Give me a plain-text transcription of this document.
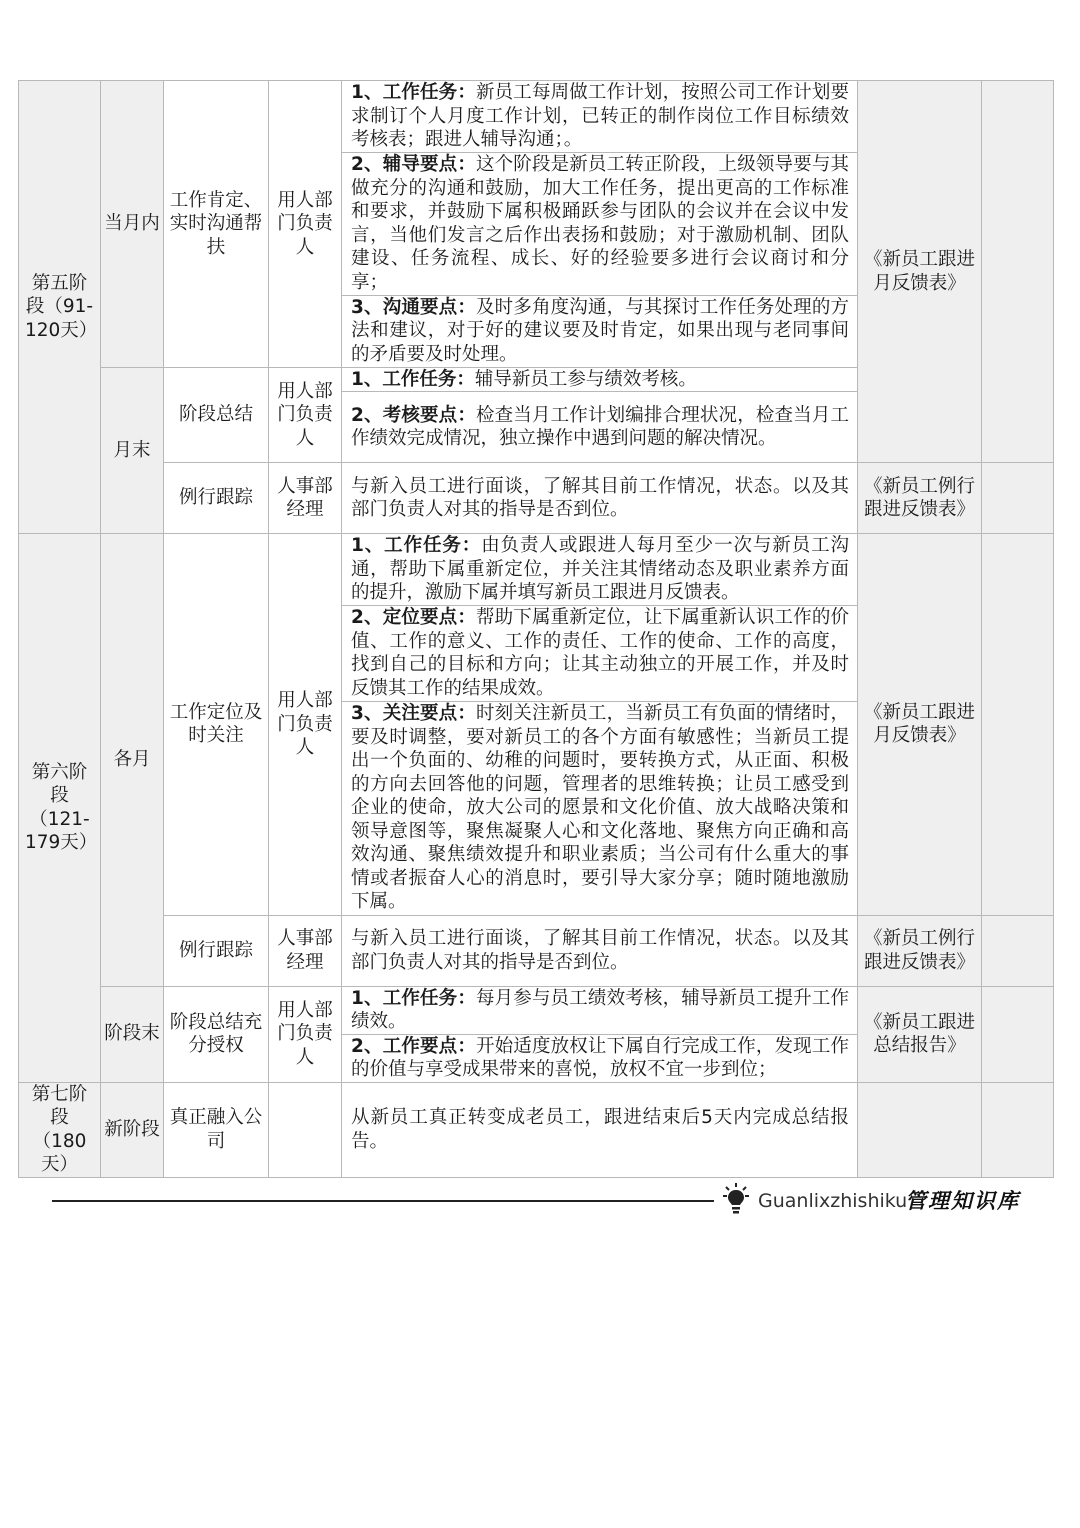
第五阶段（91-120天）	当月内	工作肯定、实时沟通帮扶	用人部门负责人	1、工作任务：新员工每周做工作计划，按照公司工作计划要求制订个人月度工作计划，已转正的制作岗位工作目标绩效考核表；跟进人辅导沟通；。	《新员工跟进月反馈表》	
				2、辅导要点：这个阶段是新员工转正阶段，上级领导要与其做充分的沟通和鼓励，加大工作任务，提出更高的工作标准和要求，并鼓励下属积极踊跃参与团队的会议并在会议中发言，当他们发言之后作出表扬和鼓励；对于激励机制、团队建设、任务流程、成长、好的经验要多进行会议商讨和分享；		
				3、沟通要点：及时多角度沟通，与其探讨工作任务处理的方法和建议，对于好的建议要及时肯定，如果出现与老同事间的矛盾要及时处理。		
	月末	阶段总结	用人部门负责人	1、工作任务：辅导新员工参与绩效考核。		
				2、考核要点：检查当月工作计划编排合理状况，检查当月工作绩效完成情况，独立操作中遇到问题的解决情况。		
		例行跟踪	人事部经理	与新入员工进行面谈，了解其目前工作情况，状态。以及其部门负责人对其的指导是否到位。	《新员工例行跟进反馈表》	
第六阶段（121-179天）	各月	工作定位及时关注	用人部门负责人	1、工作任务：由负责人或跟进人每月至少一次与新员工沟通，帮助下属重新定位，并关注其情绪动态及职业素养方面的提升，激励下属并填写新员工跟进月反馈表。	《新员工跟进月反馈表》	
				2、定位要点：帮助下属重新定位，让下属重新认识工作的价值、工作的意义、工作的责任、工作的使命、工作的高度，找到自己的目标和方向；让其主动独立的开展工作，并及时反馈其工作的结果成效。		
				3、关注要点：时刻关注新员工，当新员工有负面的情绪时，要及时调整，要对新员工的各个方面有敏感性；当新员工提出一个负面的、幼稚的问题时，要转换方式，从正面、积极的方向去回答他的问题，管理者的思维转换；让员工感受到企业的使命，放大公司的愿景和文化价值、放大战略决策和领导意图等，聚焦凝聚人心和文化落地、聚焦方向正确和高效沟通、聚焦绩效提升和职业素质；当公司有什么重大的事情或者振奋人心的消息时，要引导大家分享；随时随地激励下属。		
		例行跟踪	人事部经理	与新入员工进行面谈，了解其目前工作情况，状态。以及其部门负责人对其的指导是否到位。	《新员工例行跟进反馈表》	
	阶段末	阶段总结充分授权	用人部门负责人	1、工作任务：每月参与员工绩效考核，辅导新员工提升工作绩效。	《新员工跟进总结报告》	
				2、工作要点：开始适度放权让下属自行完成工作，发现工作的价值与享受成果带来的喜悦，放权不宜一步到位；		
第七阶段（180天）	新阶段	真正融入公司		从新员工真正转变成老员工，跟进结束后5天内完成总结报告。		
Guanlixzhishiku
管理知识库
